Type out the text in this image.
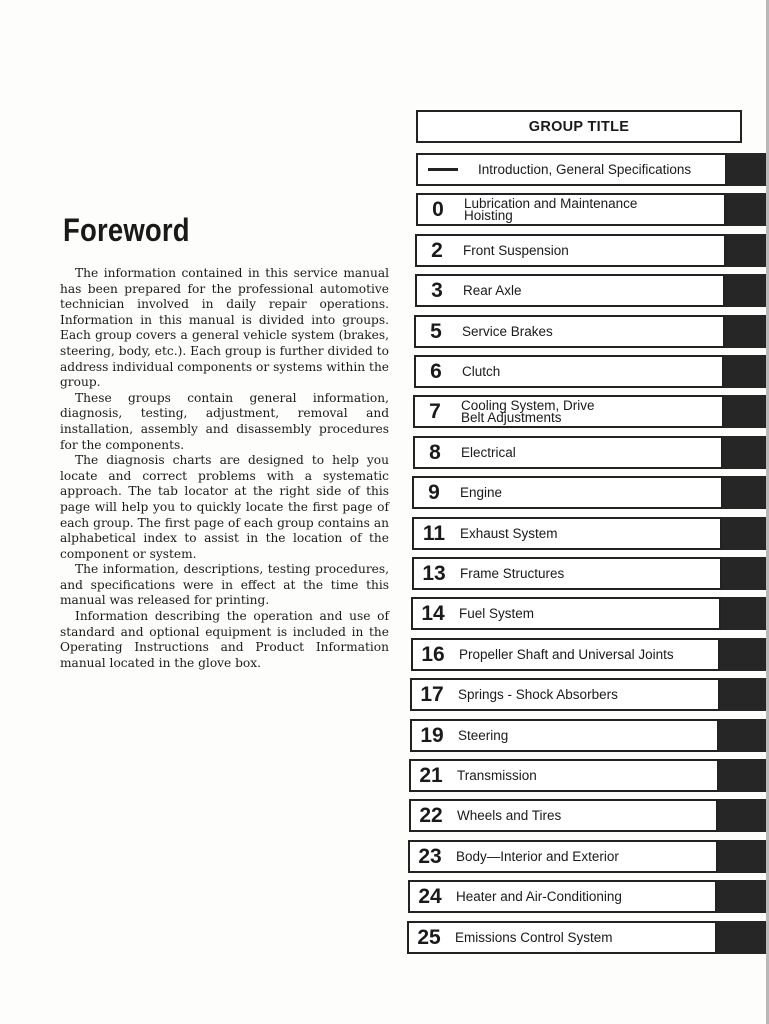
Foreword

The information contained in this service manual has been prepared for the professional automotive technician involved in daily repair operations. Information in this manual is divided into groups. Each group covers a general vehicle system (brakes, steering, body, etc.). Each group is further divided to address individual components or systems within the group.

These groups contain general information, diagnosis, testing, adjustment, removal and installation, assembly and disassembly procedures for the components.

The diagnosis charts are designed to help you locate and correct problems with a systematic approach. The tab locator at the right side of this page will help you to quickly locate the first page of each group. The first page of each group contains an alphabetical index to assist in the location of the component or system.

The information, descriptions, testing procedures, and specifications were in effect at the time this manual was released for printing.

Information describing the operation and use of standard and optional equipment is included in the Operating Instructions and Product Information manual located in the glove box.

GROUP TITLE
Introduction, General Specifications
0	Lubrication and Maintenance
Hoisting
2	Front Suspension
3	Rear Axle
5	Service Brakes
6	Clutch
7	Cooling System, Drive
Belt Adjustments
8	Electrical
9	Engine
11	Exhaust System
13	Frame Structures
14	Fuel System
16	Propeller Shaft and Universal Joints
17	Springs - Shock Absorbers
19	Steering
21	Transmission
22	Wheels and Tires
23	Body—Interior and Exterior
24	Heater and Air-Conditioning
25	Emissions Control System
